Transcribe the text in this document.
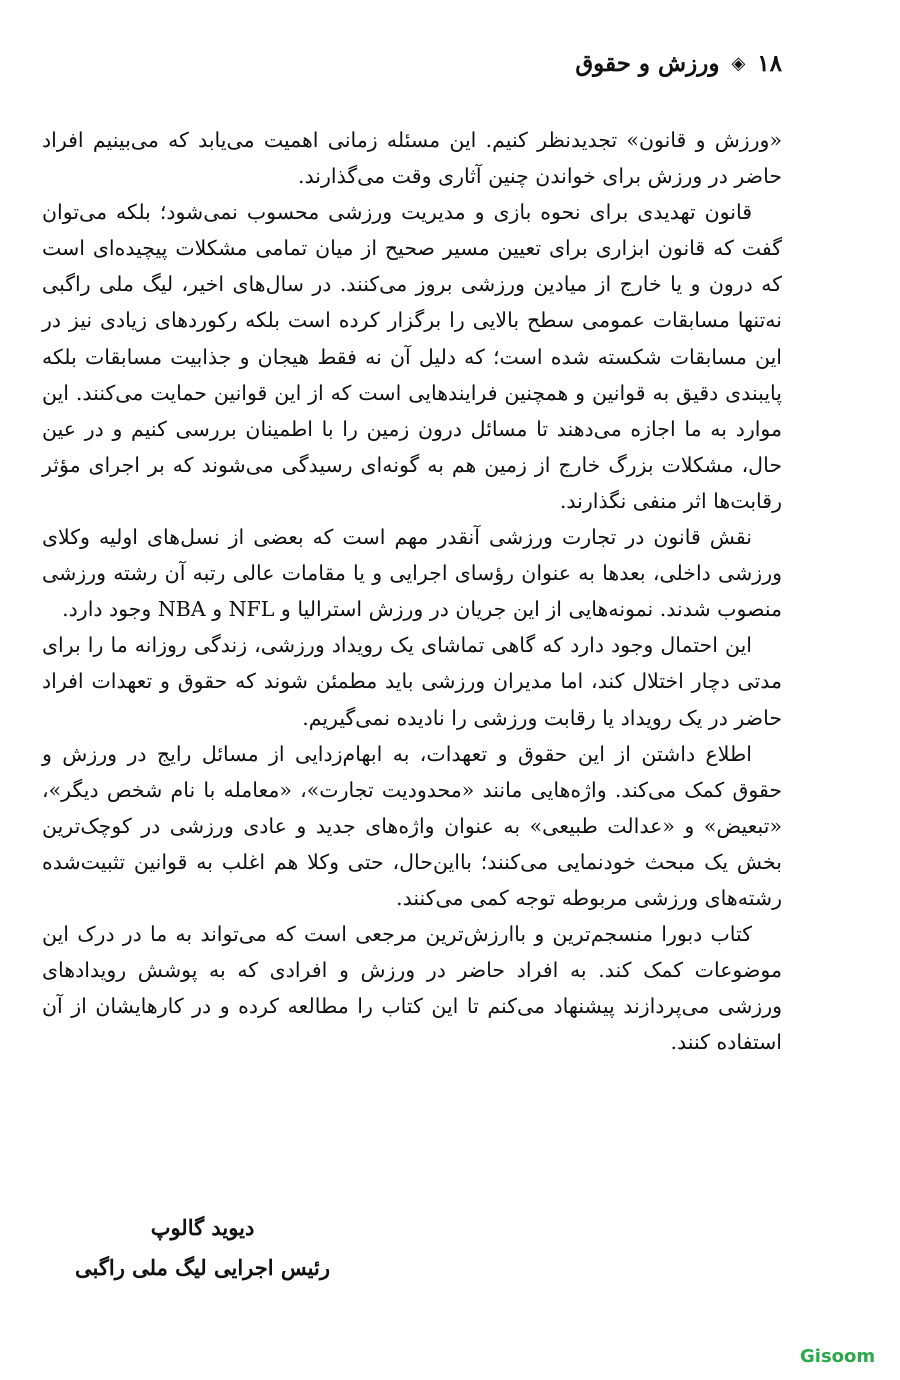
۱۸
◈
ورزش و حقوق

«ورزش و قانون» تجدیدنظر کنیم. این مسئله زمانی اهمیت می‌یابد که می‌بینیم افراد حاضر در ورزش برای خواندن چنین آثاری وقت می‌گذارند.

قانون تهدیدی برای نحوه بازی و مدیریت ورزشی محسوب نمی‌شود؛ بلکه می‌توان گفت که قانون ابزاری برای تعیین مسیر صحیح از میان تمامی مشکلات پیچیده‌ای است که درون و یا خارج از میادین ورزشی بروز می‌کنند. در سال‌های اخیر، لیگ ملی راگبی نه‌تنها مسابقات عمومی سطح بالایی را برگزار کرده است بلکه رکوردهای زیادی نیز در این مسابقات شکسته شده است؛ که دلیل آن نه فقط هیجان و جذابیت مسابقات بلکه پایبندی دقیق به قوانین و همچنین فرایندهایی است که از این قوانین حمایت می‌کنند. این موارد به ما اجازه می‌دهند تا مسائل درون زمین را با اطمینان بررسی کنیم و در عین حال، مشکلات بزرگ خارج از زمین هم به گونه‌ای رسیدگی می‌شوند که بر اجرای مؤثر رقابت‌ها اثر منفی نگذارند.

نقش قانون در تجارت ورزشی آنقدر مهم است که بعضی از نسل‌های اولیه وکلای ورزشی داخلی، بعدها به عنوان رؤسای اجرایی و یا مقامات عالی رتبه آن رشته ورزشی منصوب شدند. نمونه‌هایی از این جریان در ورزش استرالیا و NFL و NBA وجود دارد.

این احتمال وجود دارد که گاهی تماشای یک رویداد ورزشی، زندگی روزانه ما را برای مدتی دچار اختلال کند، اما مدیران ورزشی باید مطمئن شوند که حقوق و تعهدات افراد حاضر در یک رویداد یا رقابت ورزشی را نادیده نمی‌گیریم.

اطلاع داشتن از این حقوق و تعهدات، به ابهام‌زدایی از مسائل رایج در ورزش و حقوق کمک می‌کند. واژه‌هایی مانند «محدودیت تجارت»، «معامله با نام شخص دیگر»، «تبعیض» و «عدالت طبیعی» به عنوان واژه‌های جدید و عادی ورزشی در کوچک‌ترین بخش یک مبحث خودنمایی می‌کنند؛ بااین‌حال، حتی وکلا هم اغلب به قوانین تثبیت‌شده رشته‌های ورزشی مربوطه توجه کمی می‌کنند.

کتاب دبورا منسجم‌ترین و باارزش‌ترین مرجعی است که می‌تواند به ما در درک این موضوعات کمک کند. به افراد حاضر در ورزش و افرادی که به پوشش رویدادهای ورزشی می‌پردازند پیشنهاد می‌کنم تا این کتاب را مطالعه کرده و در کارهایشان از آن استفاده کنند.

دیوید گالوپ
رئیس اجرایی لیگ ملی راگبی
Gisoom
